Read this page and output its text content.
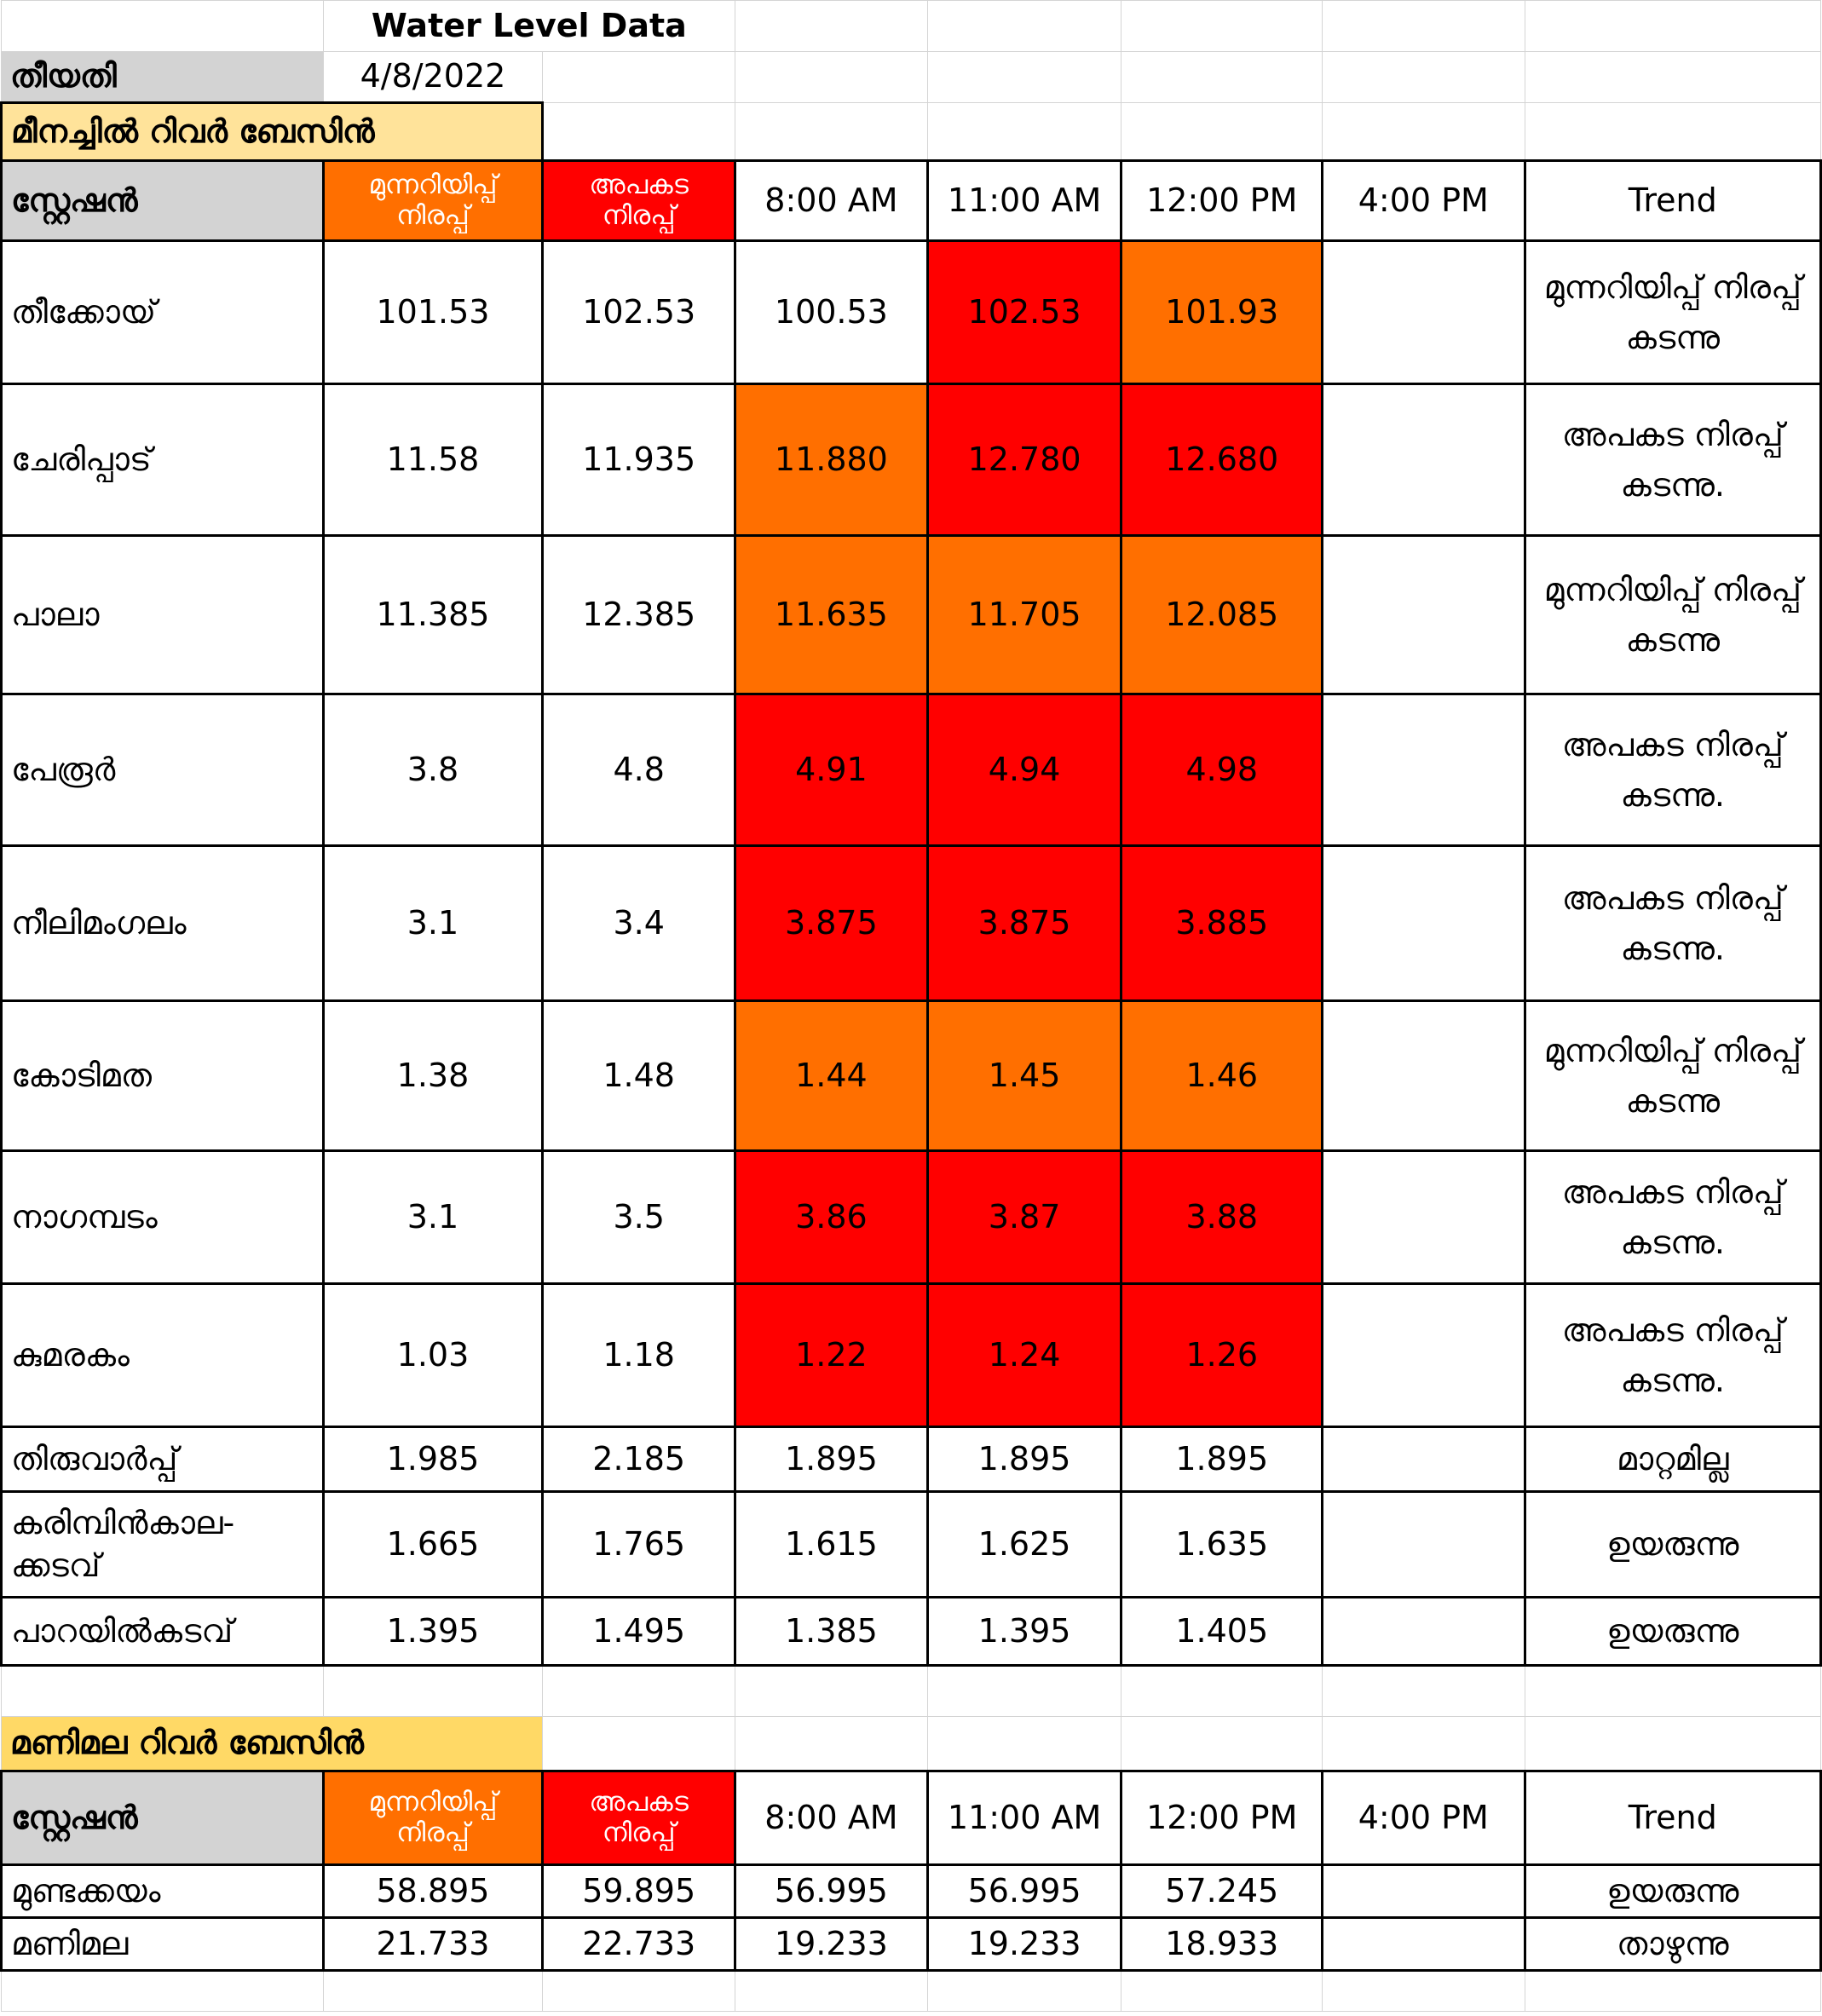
	Water Level Data						
തീയതി	4/8/2022						
മീനച്ചിൽ റിവർ ബേസിൻ							
സ്റ്റേഷൻ	മുന്നറിയിപ്പ് നിരപ്പ്	അപകട നിരപ്പ്	8:00 AM	11:00 AM	12:00 PM	4:00 PM	Trend
തീക്കോയ്	101.53	102.53	100.53	102.53	101.93		മുന്നറിയിപ്പ് നിരപ്പ് കടന്നു
ചേരിപ്പാട്	11.58	11.935	11.880	12.780	12.680		അപകട നിരപ്പ് കടന്നു.
പാലാ	11.385	12.385	11.635	11.705	12.085		മുന്നറിയിപ്പ് നിരപ്പ് കടന്നു
പേരൂർ	3.8	4.8	4.91	4.94	4.98		അപകട നിരപ്പ് കടന്നു.
നീലിമംഗലം	3.1	3.4	3.875	3.875	3.885		അപകട നിരപ്പ് കടന്നു.
കോടിമത	1.38	1.48	1.44	1.45	1.46		മുന്നറിയിപ്പ് നിരപ്പ് കടന്നു
നാഗമ്പടം	3.1	3.5	3.86	3.87	3.88		അപകട നിരപ്പ് കടന്നു.
കുമരകം	1.03	1.18	1.22	1.24	1.26		അപകട നിരപ്പ് കടന്നു.
തിരുവാർപ്പ്	1.985	2.185	1.895	1.895	1.895		മാറ്റമില്ല
കരിമ്പിൻകാല-ക്കടവ്	1.665	1.765	1.615	1.625	1.635		ഉയരുന്നു
പാറയിൽകടവ്	1.395	1.495	1.385	1.395	1.405		ഉയരുന്നു

മണിമല റിവർ ബേസിൻ							
സ്റ്റേഷൻ	മുന്നറിയിപ്പ് നിരപ്പ്	അപകട നിരപ്പ്	8:00 AM	11:00 AM	12:00 PM	4:00 PM	Trend
മുണ്ടക്കയം	58.895	59.895	56.995	56.995	57.245		ഉയരുന്നു
മണിമല	21.733	22.733	19.233	19.233	18.933		താഴുന്നു
